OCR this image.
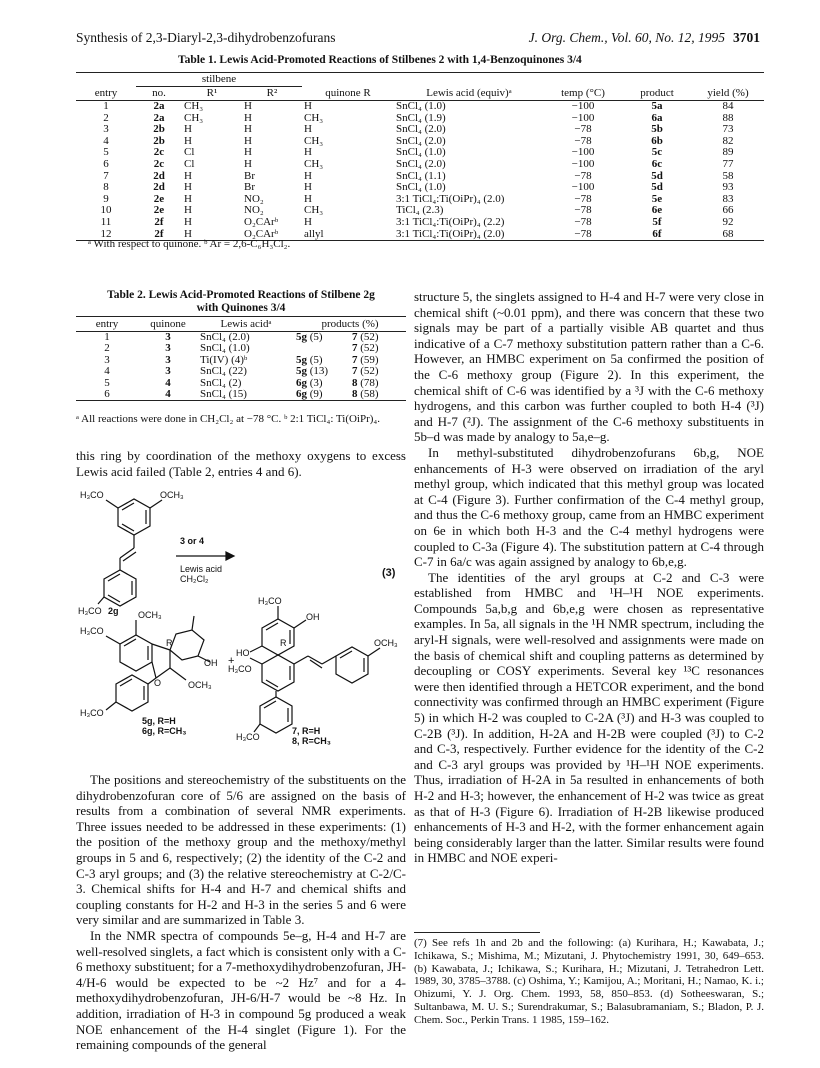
Synthesis of 2,3-Diaryl-2,3-dihydrobenzofurans	J. Org. Chem., Vol. 60, No. 12, 1995 3701
Table 1. Lewis Acid-Promoted Reactions of Stilbenes 2 with 1,4-Benzoquinones 3/4
	stilbene							
entry	no.	R¹	R²	quinone R	Lewis acid (equiv)ᵃ	temp (°C)	product	yield (%)
1	2a	CH₃	H	H	SnCl₄ (1.0)	−100	5a	84
2	2a	CH₃	H	CH₃	SnCl₄ (1.9)	−100	6a	88
3	2b	H	H	H	SnCl₄ (2.0)	−78	5b	73
4	2b	H	H	CH₃	SnCl₄ (2.0)	−78	6b	82
5	2c	Cl	H	H	SnCl₄ (1.0)	−100	5c	89
6	2c	Cl	H	CH₃	SnCl₄ (2.0)	−100	6c	77
7	2d	H	Br	H	SnCl₄ (1.1)	−78	5d	58
8	2d	H	Br	H	SnCl₄ (1.0)	−100	5d	93
9	2e	H	NO₂	H	3:1 TiCl₄:Ti(OiPr)₄ (2.0)	−78	5e	83
10	2e	H	NO₂	CH₃	TiCl₄ (2.3)	−78	6e	66
11	2f	H	O₂CArᵇ	H	3:1 TiCl₄:Ti(OiPr)₄ (2.2)	−78	5f	92
12	2f	H	O₂CArᵇ	allyl	3:1 TiCl₄:Ti(OiPr)₄ (2.0)	−78	6f	68
ᵃ With respect to quinone. ᵇ Ar = 2,6-C₆H₃Cl₂.
Table 2. Lewis Acid-Promoted Reactions of Stilbene 2g
with Quinones 3/4
entry	quinone	Lewis acidᵃ	products (%)	
1	3	SnCl₄ (2.0)	5g (5)	7 (52)
2	3	SnCl₄ (1.0)		7 (52)
3	3	Ti(IV) (4)ᵇ	5g (5)	7 (59)
4	3	SnCl₄ (22)	5g (13)	7 (52)
5	4	SnCl₄ (2)	6g (3)	8 (78)
6	4	SnCl₄ (15)	6g (9)	8 (58)
ᵃ All reactions were done in CH₂Cl₂ at −78 °C. ᵇ 2:1 TiCl₄: Ti(OiPr)₄.

this ring by coordination of the methoxy oxygens to excess Lewis acid failed (Table 2, entries 4 and 6).

H₃CO	OCH₃
H₃CO 2g
3 or 4
Lewis acid
CH₂Cl₂	(3)
OCH₃
H₃CO
R
OH
O	OCH₃
H₃CO
5g, R=H
6g, R=CH₃
+
H₃CO
OH
HO
R
H₃CO
OCH₃
H₃CO
7, R=H
8, R=CH₃

The positions and stereochemistry of the substituents on the dihydrobenzofuran core of 5/6 are assigned on the basis of results from a combination of several NMR experiments. Three issues needed to be addressed in these experiments: (1) the position of the methoxy group and the methoxy/methyl groups in 5 and 6, respectively; (2) the identity of the C-2 and C-3 aryl groups; and (3) the relative stereochemistry at C-2/C-3. Chemical shifts for H-4 and H-7 and chemical shifts and coupling constants for H-2 and H-3 in the series 5 and 6 were very similar and are summarized in Table 3.

In the NMR spectra of compounds 5e–g, H-4 and H-7 are well-resolved singlets, a fact which is consistent only with a C-6 methoxy substituent; for a 7-methoxydihydrobenzofuran, JH-4/H-6 would be expected to be ~2 Hz⁷ and for a 4-methoxydihydrobenzofuran, JH-6/H-7 would be ~8 Hz. In addition, irradiation of H-3 in compound 5g produced a weak NOE enhancement of the H-4 singlet (Figure 1). For the remaining compounds of the general

structure 5, the singlets assigned to H-4 and H-7 were very close in chemical shift (~0.01 ppm), and there was concern that these two signals may be part of a partially visible AB quartet and thus indicative of a C-7 methoxy substitution pattern rather than a C-6. However, an HMBC experiment on 5a confirmed the position of the C-6 methoxy group (Figure 2). In this experiment, the chemical shift of C-6 was identified by a ³J with the C-6 methoxy hydrogens, and this carbon was further coupled to both H-4 (³J) and H-7 (²J). The assignment of the C-6 methoxy substituents in 5b–d was made by analogy to 5a,e–g.

In methyl-substituted dihydrobenzofurans 6b,g, NOE enhancements of H-3 were observed on irradiation of the aryl methyl group, which indicated that this methyl group was located at C-4 (Figure 3). Further confirmation of the C-4 methyl group, and thus the C-6 methoxy group, came from an HMBC experiment on 6e in which both H-3 and the C-4 methyl hydrogens were coupled to C-3a (Figure 4). The substitution pattern at C-4 through C-7 in 6a/c was again assigned by analogy to 6b,e,g.

The identities of the aryl groups at C-2 and C-3 were established from HMBC and ¹H–¹H NOE experiments. Compounds 5a,b,g and 6b,e,g were chosen as representative examples. In 5a, all signals in the ¹H NMR spectrum, including the aryl-H signals, were well-resolved and assignments were made on the basis of chemical shift and coupling patterns as determined by decoupling or COSY experiments. Several key ¹³C resonances were then identified through a HETCOR experiment, and the bond connectivity was confirmed through an HMBC experiment (Figure 5) in which H-2 was coupled to C-2A (³J) and H-3 was coupled to C-2B (³J). In addition, H-2A and H-2B were coupled (³J) to C-2 and C-3, respectively. Further evidence for the identity of the C-2 and C-3 aryl groups was provided by ¹H–¹H NOE experiments. Thus, irradiation of H-2A in 5a resulted in enhancements of both H-2 and H-3; however, the enhancement of H-2 was twice as great as that of H-3 (Figure 6). Irradiation of H-2B likewise produced enhancements of H-3 and H-2, with the former enhancement again being considerably larger than the latter. Similar results were found in HMBC and NOE experi-

(7) See refs 1h and 2b and the following: (a) Kurihara, H.; Kawabata, J.; Ichikawa, S.; Mishima, M.; Mizutani, J. Phytochemistry 1991, 30, 649–653. (b) Kawabata, J.; Ichikawa, S.; Kurihara, H.; Mizutani, J. Tetrahedron Lett. 1989, 30, 3785–3788. (c) Oshima, Y.; Kamijou, A.; Moritani, H.; Namao, K. i.; Ohizumi, Y. J. Org. Chem. 1993, 58, 850–853. (d) Sotheeswaran, S.; Sultanbawa, M. U. S.; Surendrakumar, S.; Balasubramaniam, S.; Bladon, P. J. Chem. Soc., Perkin Trans. 1 1985, 159–162.
